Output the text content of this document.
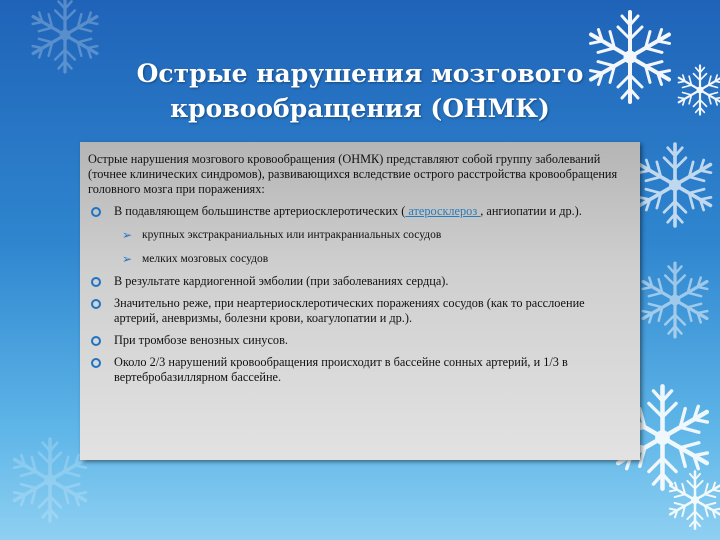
Острые нарушения мозгового
кровообращения (ОНМК)

Острые нарушения мозгового кровообращения (ОНМК) представляют собой группу заболеваний (точнее клинических синдромов), развивающихся вследствие острого расстройства кровообращения головного мозга при поражениях:

В подавляющем большинстве артериосклеротических ( атеросклероз , ангиопатии и др.).
➢ крупных экстракраниальных или интракраниальных сосудов
➢ мелких мозговых сосудов
В результате кардиогенной эмболии (при заболеваниях сердца).
Значительно реже, при неартериосклеротических поражениях сосудов (как то расслоение артерий, аневризмы, болезни крови, коагулопатии и др.).
При тромбозе венозных синусов.
Около 2/3 нарушений кровообращения происходит в бассейне сонных артерий, и 1/3 в вертебробазиллярном бассейне.
